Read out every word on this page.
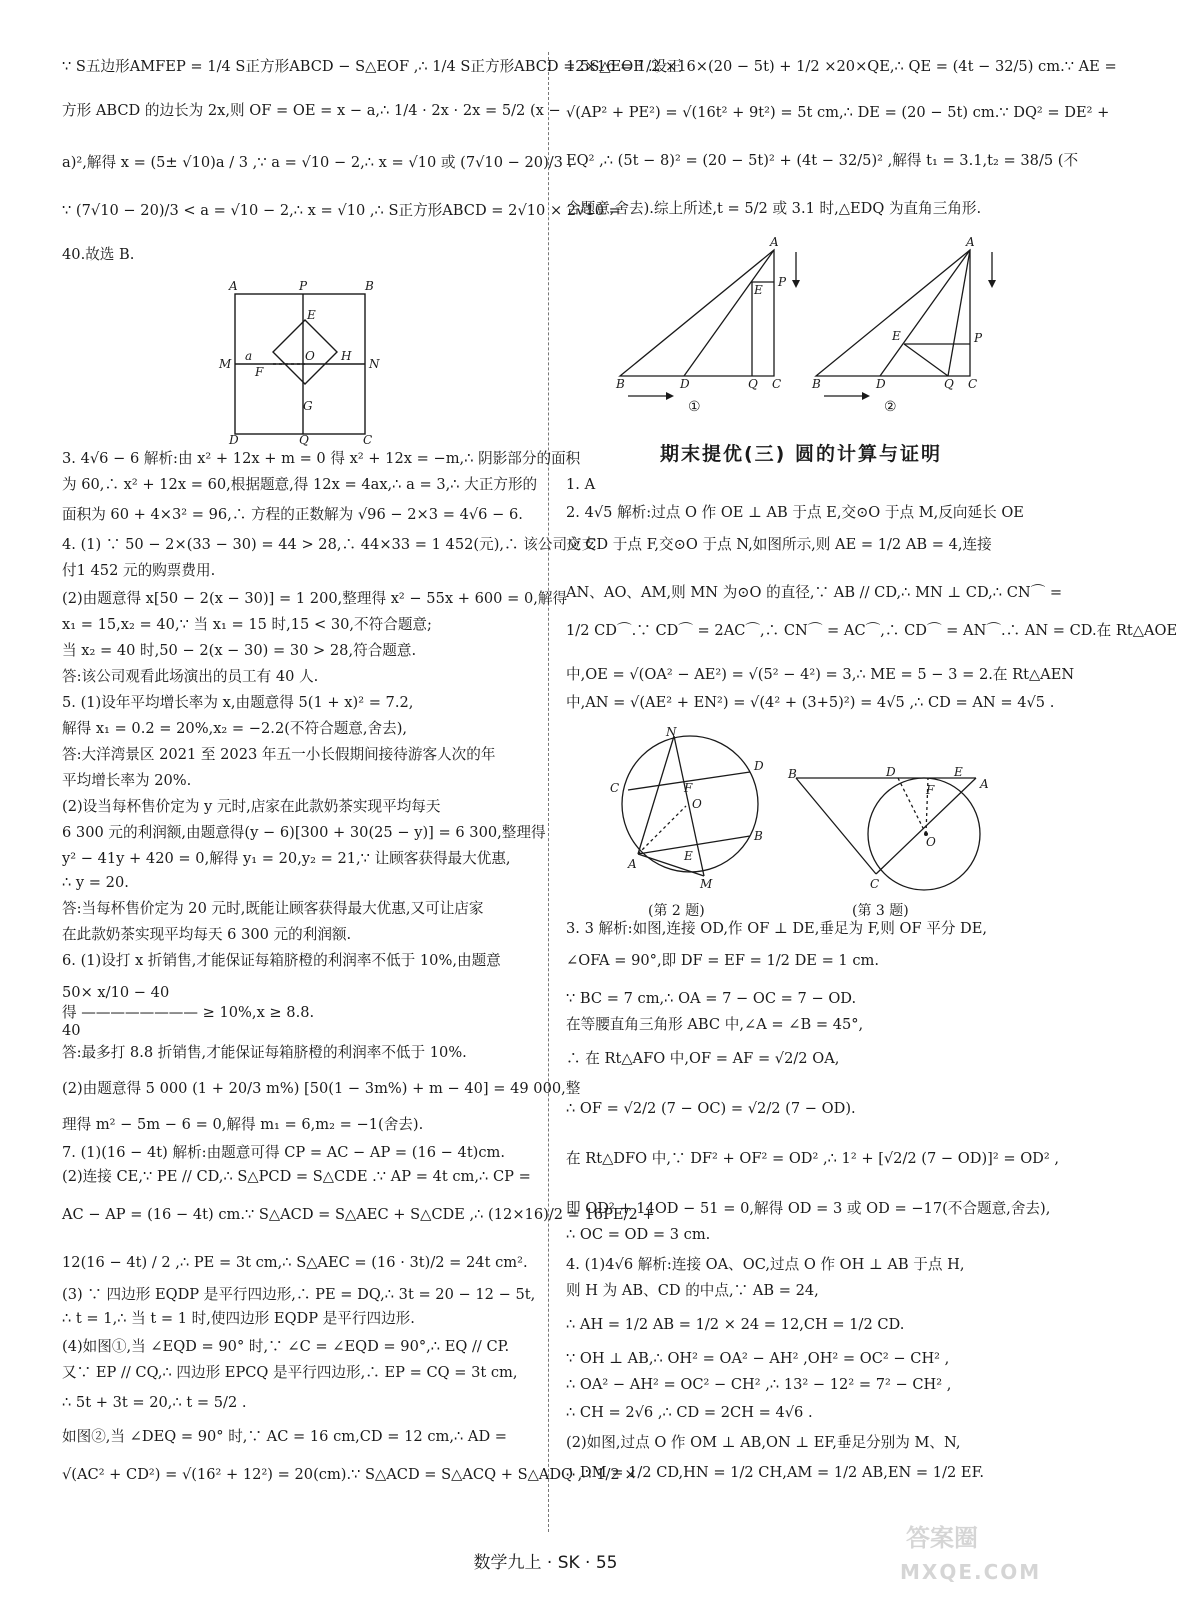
∵ S五边形AMFEP = 1/4 S正方形ABCD − S△EOF ,∴ 1/4 S正方形ABCD = 5S△EOF .设正
方形 ABCD 的边长为 2x,则 OF = OE = x − a,∴ 1/4 · 2x · 2x = 5/2 (x −
a)²,解得 x = (5± √10)a / 3 ,∵ a = √10 − 2,∴ x = √10 或 (7√10 − 20)/3 .
∵ (7√10 − 20)/3 < a = √10 − 2,∴ x = √10 ,∴ S正方形ABCD = 2√10 × 2√10 =
40.故选 B.
3. 4√6 − 6 解析:由 x² + 12x + m = 0 得 x² + 12x = −m,∴ 阴影部分的面积
为 60,∴ x² + 12x = 60,根据题意,得 12x = 4ax,∴ a = 3,∴ 大正方形的
面积为 60 + 4×3² = 96,∴ 方程的正数解为 √96 − 2×3 = 4√6 − 6.
4. (1) ∵ 50 − 2×(33 − 30) = 44 > 28,∴ 44×33 = 1 452(元),∴ 该公司应支
付1 452 元的购票费用.
(2)由题意得 x[50 − 2(x − 30)] = 1 200,整理得 x² − 55x + 600 = 0,解得
x₁ = 15,x₂ = 40,∵ 当 x₁ = 15 时,15 < 30,不符合题意;
当 x₂ = 40 时,50 − 2(x − 30) = 30 > 28,符合题意.
答:该公司观看此场演出的员工有 40 人.
5. (1)设年平均增长率为 x,由题意得 5(1 + x)² = 7.2,
解得 x₁ = 0.2 = 20%,x₂ = −2.2(不符合题意,舍去),
答:大洋湾景区 2021 至 2023 年五一小长假期间接待游客人次的年
平均增长率为 20%.
(2)设当每杯售价定为 y 元时,店家在此款奶茶实现平均每天
6 300 元的利润额,由题意得(y − 6)[300 + 30(25 − y)] = 6 300,整理得
y² − 41y + 420 = 0,解得 y₁ = 20,y₂ = 21,∵ 让顾客获得最大优惠,
∴ y = 20.
答:当每杯售价定为 20 元时,既能让顾客获得最大优惠,又可让店家
在此款奶茶实现平均每天 6 300 元的利润额.
6. (1)设打 x 折销售,才能保证每箱脐橙的利润率不低于 10%,由题意
50× x/10 − 40
得 ———————— ≥ 10%,x ≥ 8.8.
40
答:最多打 8.8 折销售,才能保证每箱脐橙的利润率不低于 10%.
(2)由题意得 5 000 (1 + 20/3 m%) [50(1 − 3m%) + m − 40] = 49 000,整
理得 m² − 5m − 6 = 0,解得 m₁ = 6,m₂ = −1(舍去).
7. (1)(16 − 4t) 解析:由题意可得 CP = AC − AP = (16 − 4t)cm.
(2)连接 CE,∵ PE // CD,∴ S△PCD = S△CDE .∵ AP = 4t cm,∴ CP =
AC − AP = (16 − 4t) cm.∵ S△ACD = S△AEC + S△CDE ,∴ (12×16)/2 = 16PE/2 +
12(16 − 4t) / 2 ,∴ PE = 3t cm,∴ S△AEC = (16 · 3t)/2 = 24t cm².
(3) ∵ 四边形 EQDP 是平行四边形,∴ PE = DQ,∴ 3t = 20 − 12 − 5t,
∴ t = 1,∴ 当 t = 1 时,使四边形 EQDP 是平行四边形.
(4)如图①,当 ∠EQD = 90° 时,∵ ∠C = ∠EQD = 90°,∴ EQ // CP.
又∵ EP // CQ,∴ 四边形 EPCQ 是平行四边形,∴ EP = CQ = 3t cm,
∴ 5t + 3t = 20,∴ t = 5/2 .
如图②,当 ∠DEQ = 90° 时,∵ AC = 16 cm,CD = 12 cm,∴ AD =
√(AC² + CD²) = √(16² + 12²) = 20(cm).∵ S△ACD = S△ACQ + S△ADQ ,∴ 1/2 ×
12×16 = 1/2 ×16×(20 − 5t) + 1/2 ×20×QE,∴ QE = (4t − 32/5) cm.∵ AE =
√(AP² + PE²) = √(16t² + 9t²) = 5t cm,∴ DE = (20 − 5t) cm.∵ DQ² = DE² +
EQ² ,∴ (5t − 8)² = (20 − 5t)² + (4t − 32/5)² ,解得 t₁ = 3.1,t₂ = 38/5 (不
合题意,舍去).综上所述,t = 5/2 或 3.1 时,△EDQ 为直角三角形.
A	P	B
E
a	O H
M
F
N
G
D	Q	C
A
E
P
B	D	Q C
①
A
E	P
B	D	Q C
②
期末提优(三) 圆的计算与证明
1. A
2. 4√5 解析:过点 O 作 OE ⊥ AB 于点 E,交⊙O 于点 M,反向延长 OE
交 CD 于点 F,交⊙O 于点 N,如图所示,则 AE = 1/2 AB = 4,连接
AN、AO、AM,则 MN 为⊙O 的直径,∵ AB // CD,∴ MN ⊥ CD,∴ CN⌒ =
1/2 CD⌒.∵ CD⌒ = 2AC⌒,∴ CN⌒ = AC⌒,∴ CD⌒ = AN⌒.∴ AN = CD.在 Rt△AOE
中,OE = √(OA² − AE²) = √(5² − 4²) = 3,∴ ME = 5 − 3 = 2.在 Rt△AEN
中,AN = √(AE² + EN²) = √(4² + (3+5)²) = 4√5 ,∴ CD = AN = 4√5 .
N
D
C	F
O
B
A
E
M
B	D	E
A
F
O
C
(第 2 题)	(第 3 题)
3. 3 解析:如图,连接 OD,作 OF ⊥ DE,垂足为 F,则 OF 平分 DE,
∠OFA = 90°,即 DF = EF = 1/2 DE = 1 cm.
∵ BC = 7 cm,∴ OA = 7 − OC = 7 − OD.
在等腰直角三角形 ABC 中,∠A = ∠B = 45°,
∴ 在 Rt△AFO 中,OF = AF = √2/2 OA,
∴ OF = √2/2 (7 − OC) = √2/2 (7 − OD).
在 Rt△DFO 中,∵ DF² + OF² = OD² ,∴ 1² + [√2/2 (7 − OD)]² = OD² ,
即 OD² + 14OD − 51 = 0,解得 OD = 3 或 OD = −17(不合题意,舍去),
∴ OC = OD = 3 cm.
4. (1)4√6 解析:连接 OA、OC,过点 O 作 OH ⊥ AB 于点 H,
则 H 为 AB、CD 的中点,∵ AB = 24,
∴ AH = 1/2 AB = 1/2 × 24 = 12,CH = 1/2 CD.
∵ OH ⊥ AB,∴ OH² = OA² − AH² ,OH² = OC² − CH² ,
∴ OA² − AH² = OC² − CH² ,∴ 13² − 12² = 7² − CH² ,
∴ CH = 2√6 ,∴ CD = 2CH = 4√6 .
(2)如图,过点 O 作 OM ⊥ AB,ON ⊥ EF,垂足分别为 M、N,
∴ DM = 1/2 CD,HN = 1/2 CH,AM = 1/2 AB,EN = 1/2 EF.
数学九上 · SK · 55
答案圈
MXQE.COM
